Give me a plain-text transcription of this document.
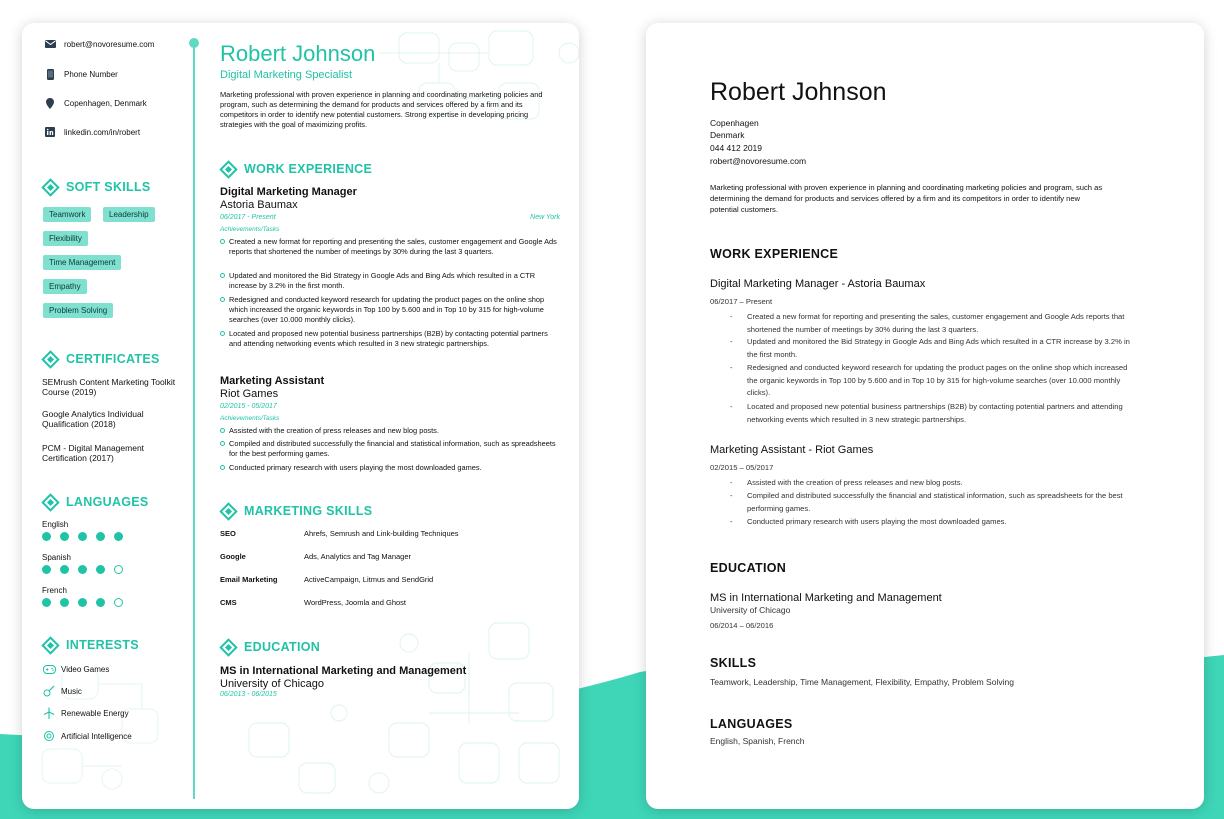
robert@novoresume.com
Phone Number
Copenhagen, Denmark
linkedin.com/in/robert
SOFT SKILLS
Teamwork	Leadership
Flexibility
Time Management
Empathy
Problem Solving
CERTIFICATES
SEMrush Content Marketing Toolkit Course (2019)
Google Analytics Individual Qualification (2018)
PCM - Digital Management Certification (2017)
LANGUAGES
English
Spanish
French
INTERESTS
Video Games
Music
Renewable Energy
Artificial Intelligence
Robert Johnson
Digital Marketing Specialist
Marketing professional with proven experience in planning and coordinating marketing policies and program, such as determining the demand for products and services offered by a firm and its competitors in order to identify new potential customers. Strong expertise in developing pricing strategies with the goal of maximizing profits.
WORK EXPERIENCE
Digital Marketing Manager
Astoria Baumax
06/2017 - Present	New York
Achievements/Tasks
Created a new format for reporting and presenting the sales, customer engagement and Google Ads reports that shortened the number of meetings by 30% during the last 3 quarters.
Updated and monitored the Bid Strategy in Google Ads and Bing Ads which resulted in a CTR increase by 3.2% in the first month.
Redesigned and conducted keyword research for updating the product pages on the online shop which increased the organic keywords in Top 100 by 5.600 and in Top 10 by 315 for high-volume searches (over 10.000 monthly clicks).
Located and proposed new potential business partnerships (B2B) by contacting potential partners and attending networking events which resulted in 3 new strategic partnerships.
Marketing Assistant
Riot Games
02/2015 - 05/2017
Achievements/Tasks
Assisted with the creation of press releases and new blog posts.
Compiled and distributed successfully the financial and statistical information, such as spreadsheets for the best performing games.
Conducted primary research with users playing the most downloaded games.
MARKETING SKILLS
SEO	Ahrefs, Semrush and Link-building Techniques
Google	Ads, Analytics and Tag Manager
Email Marketing	ActiveCampaign, Litmus and SendGrid
CMS	WordPress, Joomla and Ghost
EDUCATION
MS in International Marketing and Management
University of Chicago
06/2013 - 06/2015
Robert Johnson
Copenhagen
Denmark
044 412 2019
robert@novoresume.com
Marketing professional with proven experience in planning and coordinating marketing policies and program, such as determining the demand for products and services offered by a firm and its competitors in order to identify new potential customers.
WORK EXPERIENCE
Digital Marketing Manager - Astoria Baumax
06/2017 – Present
-	Created a new format for reporting and presenting the sales, customer engagement and Google Ads reports that shortened the number of meetings by 30% during the last 3 quarters.
-	Updated and monitored the Bid Strategy in Google Ads and Bing Ads which resulted in a CTR increase by 3.2% in the first month.
-	Redesigned and conducted keyword research for updating the product pages on the online shop which increased the organic keywords in Top 100 by 5.600 and in Top 10 by 315 for high-volume searches (over 10.000 monthly clicks).
-	Located and proposed new potential business partnerships (B2B) by contacting potential partners and attending networking events which resulted in 3 new strategic partnerships.
Marketing Assistant - Riot Games
02/2015 – 05/2017
-	Assisted with the creation of press releases and new blog posts.
-	Compiled and distributed successfully the financial and statistical information, such as spreadsheets for the best performing games.
-	Conducted primary research with users playing the most downloaded games.
EDUCATION
MS in International Marketing and Management
University of Chicago
06/2014 – 06/2016
SKILLS
Teamwork, Leadership, Time Management, Flexibility, Empathy, Problem Solving
LANGUAGES
English, Spanish, French
